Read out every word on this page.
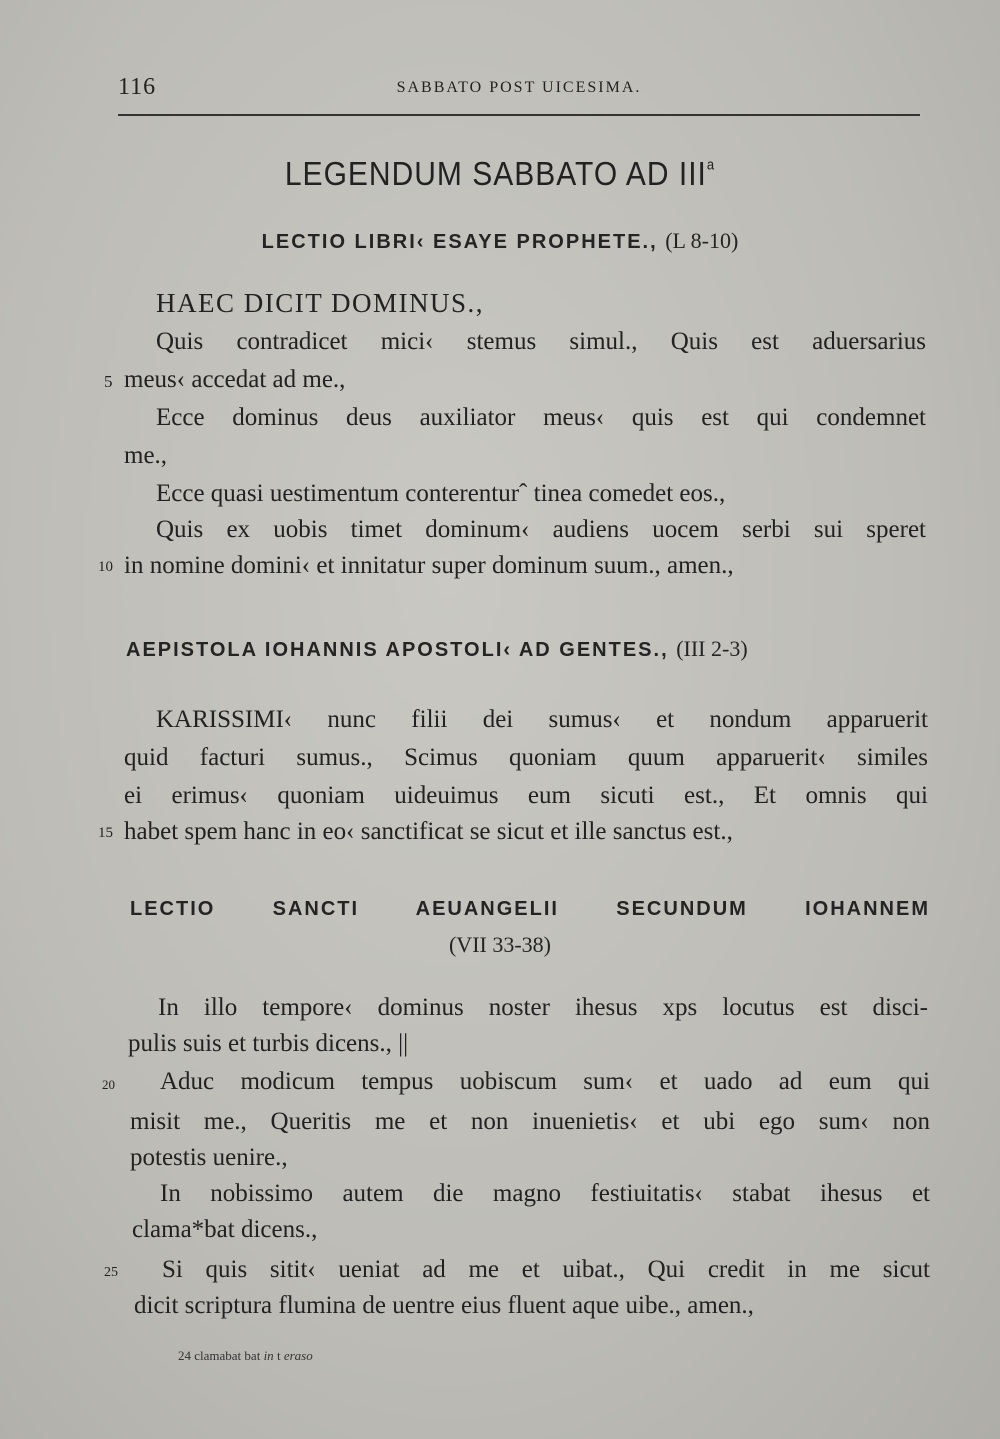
116	SABBATO POST UICESIMA.
LEGENDUM SABBATO AD III$^a$
LECTIO LIBRI‹ ESAYE PROPHETE., (L 8-10)
HAEC DICIT DOMINUS.,
Quis contradicet mici‹ stemus simul., Quis est aduersarius
5 meus‹ accedat ad me.,
Ecce dominus deus auxiliator meus‹ quis est qui condemnet
me.,
Ecce quasi uestimentum conterenturˆ tinea comedet eos.,
Quis ex uobis timet dominum‹ audiens uocem serbi sui speret
10 in nomine domini‹ et innitatur super dominum suum., amen.,
AEPISTOLA IOHANNIS APOSTOLI‹ AD GENTES., (III 2-3)
KARISSIMI‹ nunc filii dei sumus‹ et nondum apparuerit
quid facturi sumus., Scimus quoniam quum apparuerit‹ similes
ei erimus‹ quoniam uideuimus eum sicuti est., Et omnis qui
15 habet spem hanc in eo‹ sanctificat se sicut et ille sanctus est.,
LECTIO SANCTI AEUANGELII SECUNDUM IOHANNEM
(VII 33-38)
In illo tempore‹ dominus noster ihesus xps locutus est disci-
pulis suis et turbis dicens., ||
20 Aduc modicum tempus uobiscum sum‹ et uado ad eum qui
misit me., Queritis me et non inuenietis‹ et ubi ego sum‹ non
potestis uenire.,
In nobissimo autem die magno festiuitatis‹ stabat ihesus et
clama*bat dicens.,
25 Si quis sitit‹ ueniat ad me et uibat., Qui credit in me sicut
dicit scriptura flumina de uentre eius fluent aque uibe., amen.,
24 clamabat bat in t eraso
